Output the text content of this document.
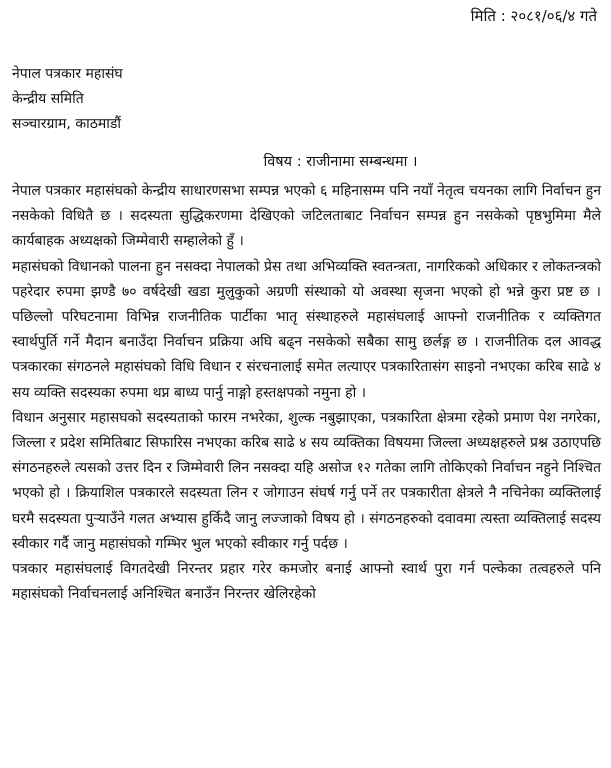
मिति : २०८१/०६/४ गते
नेपाल पत्रकार महासंघ
केन्द्रीय समिति
सञ्चारग्राम, काठमाडौं
विषय : राजीनामा सम्बन्धमा ।

नेपाल पत्रकार महासंघको केन्द्रीय साधारणसभा सम्पन्न भएको ६ महिनासम्म पनि नयाँ नेतृत्व चयनका लागि निर्वाचन हुन नसकेको विधितै छ । सदस्यता सुद्धिकरणमा देखिएको जटिलताबाट निर्वाचन सम्पन्न हुन नसकेको पृष्ठभुमिमा मैले कार्यबाहक अध्यक्षको जिम्मेवारी सम्हालेको हुँ ।

महासंघको विधानको पालना हुन नसक्दा नेपालको प्रेस तथा अभिव्यक्ति स्वतन्त्रता, नागरिकको अधिकार र लोकतन्त्रको पहरेदार रुपमा झण्डै ७० वर्षदेखी खडा मुलुकुको अग्रणी संस्थाको यो अवस्था सृजना भएको हो भन्ने कुरा प्रष्ट छ । पछिल्लो परिघटनामा विभिन्न राजनीतिक पार्टीका भातृ संस्थाहरुले महासंघलाई आफ्नो राजनीतिक र व्यक्तिगत स्वार्थपुर्ति गर्ने मैदान बनाउँदा निर्वाचन प्रक्रिया अघि बढ्न नसकेको सबैका सामु छर्लङ्ग छ । राजनीतिक दल आवद्ध पत्रकारका संगठनले महासंघको विधि विधान र संरचनालाई समेत लत्याएर पत्रकारितासंग साइनो नभएका करिब साढे ४ सय व्यक्ति सदस्यका रुपमा थप्न बाध्य पार्नु नाङ्गो हस्तक्षपको नमुना हो ।

विधान अनुसार महासघको सदस्यताको फारम नभरेका, शुल्क नबुझाएका, पत्रकारिता क्षेत्रमा रहेको प्रमाण पेश नगरेका, जिल्ला र प्रदेश समितिबाट सिफारिस नभएका करिब साढे ४ सय व्यक्तिका विषयमा जिल्ला अध्यक्षहरुले प्रश्न उठाएपछि संगठनहरुले त्यसको उत्तर दिन र जिम्मेवारी लिन नसक्दा यहि असोज १२ गतेका लागि तोकिएको निर्वाचन नहुने निश्चित भएको हो । क्रियाशिल पत्रकारले सदस्यता लिन र जोगाउन संघर्ष गर्नु पर्ने तर पत्रकारीता क्षेत्रले नै नचिनेका व्यक्तिलाई घरमै सदस्यता पुर्‍याउँने गलत अभ्यास हुर्किदै जानु लज्जाको विषय हो । संगठनहरुको दवावमा त्यस्ता व्यक्तिलाई सदस्य स्वीकार गर्दै जानु महासंघको गम्भिर भुल भएको स्वीकार गर्नु पर्दछ ।

पत्रकार महासंघलाई विगतदेखी निरन्तर प्रहार गरेर कमजोर बनाई आफ्नो स्वार्थ पुरा गर्न पल्केका तत्वहरुले पनि महासंघको निर्वाचनलाई अनिश्चित बनाउँन निरन्तर खेलिरहेको
